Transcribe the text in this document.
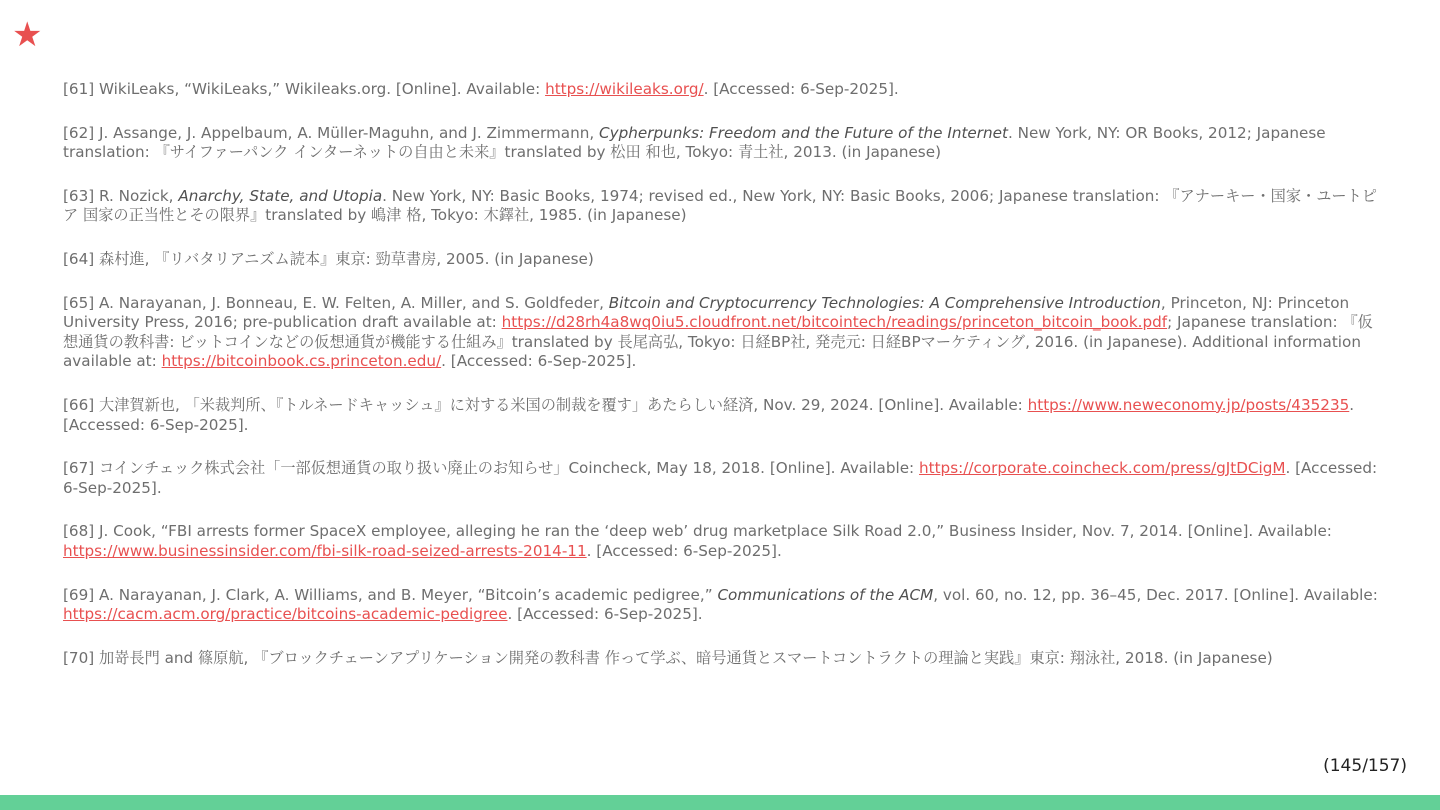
★
[61] WikiLeaks, “WikiLeaks,” Wikileaks.org. [Online]. Available: https://wikileaks.org/. [Accessed: 6-Sep-2025].
[62] J. Assange, J. Appelbaum, A. Müller-Maguhn, and J. Zimmermann, Cypherpunks: Freedom and the Future of the Internet. New York, NY: OR Books, 2012; Japanese translation: 『サイファーパンク インターネットの自由と未来』translated by 松田 和也, Tokyo: 青土社, 2013. (in Japanese)
[63] R. Nozick, Anarchy, State, and Utopia. New York, NY: Basic Books, 1974; revised ed., New York, NY: Basic Books, 2006; Japanese translation: 『アナーキー・国家・ユートピア 国家の正当性とその限界』translated by 嶋津 格, Tokyo: 木鐸社, 1985. (in Japanese)
[64] 森村進, 『リバタリアニズム読本』東京: 勁草書房, 2005. (in Japanese)
[65] A. Narayanan, J. Bonneau, E. W. Felten, A. Miller, and S. Goldfeder, Bitcoin and Cryptocurrency Technologies: A Comprehensive Introduction, Princeton, NJ: Princeton University Press, 2016; pre-publication draft available at: https://d28rh4a8wq0iu5.cloudfront.net/bitcointech/readings/princeton_bitcoin_book.pdf; Japanese translation: 『仮想通貨の教科書: ビットコインなどの仮想通貨が機能する仕組み』translated by 長尾高弘, Tokyo: 日経BP社, 発売元: 日経BPマーケティング, 2016. (in Japanese). Additional information available at: https://bitcoinbook.cs.princeton.edu/. [Accessed: 6-Sep-2025].
[66] 大津賀新也, 「米裁判所、『トルネードキャッシュ』に対する米国の制裁を覆す」あたらしい経済, Nov. 29, 2024. [Online]. Available: https://www.neweconomy.jp/posts/435235. [Accessed: 6-Sep-2025].
[67] コインチェック株式会社「一部仮想通貨の取り扱い廃止のお知らせ」Coincheck, May 18, 2018. [Online]. Available: https://corporate.coincheck.com/press/gJtDCigM. [Accessed: 6-Sep-2025].
[68] J. Cook, “FBI arrests former SpaceX employee, alleging he ran the ‘deep web’ drug marketplace Silk Road 2.0,” Business Insider, Nov. 7, 2014. [Online]. Available: https://www.businessinsider.com/fbi-silk-road-seized-arrests-2014-11. [Accessed: 6-Sep-2025].
[69] A. Narayanan, J. Clark, A. Williams, and B. Meyer, “Bitcoin’s academic pedigree,” Communications of the ACM, vol. 60, no. 12, pp. 36–45, Dec. 2017. [Online]. Available: https://cacm.acm.org/practice/bitcoins-academic-pedigree. [Accessed: 6-Sep-2025].
[70] 加嵜長門 and 篠原航, 『ブロックチェーンアプリケーション開発の教科書 作って学ぶ、暗号通貨とスマートコントラクトの理論と実践』東京: 翔泳社, 2018. (in Japanese)
(145/157)
